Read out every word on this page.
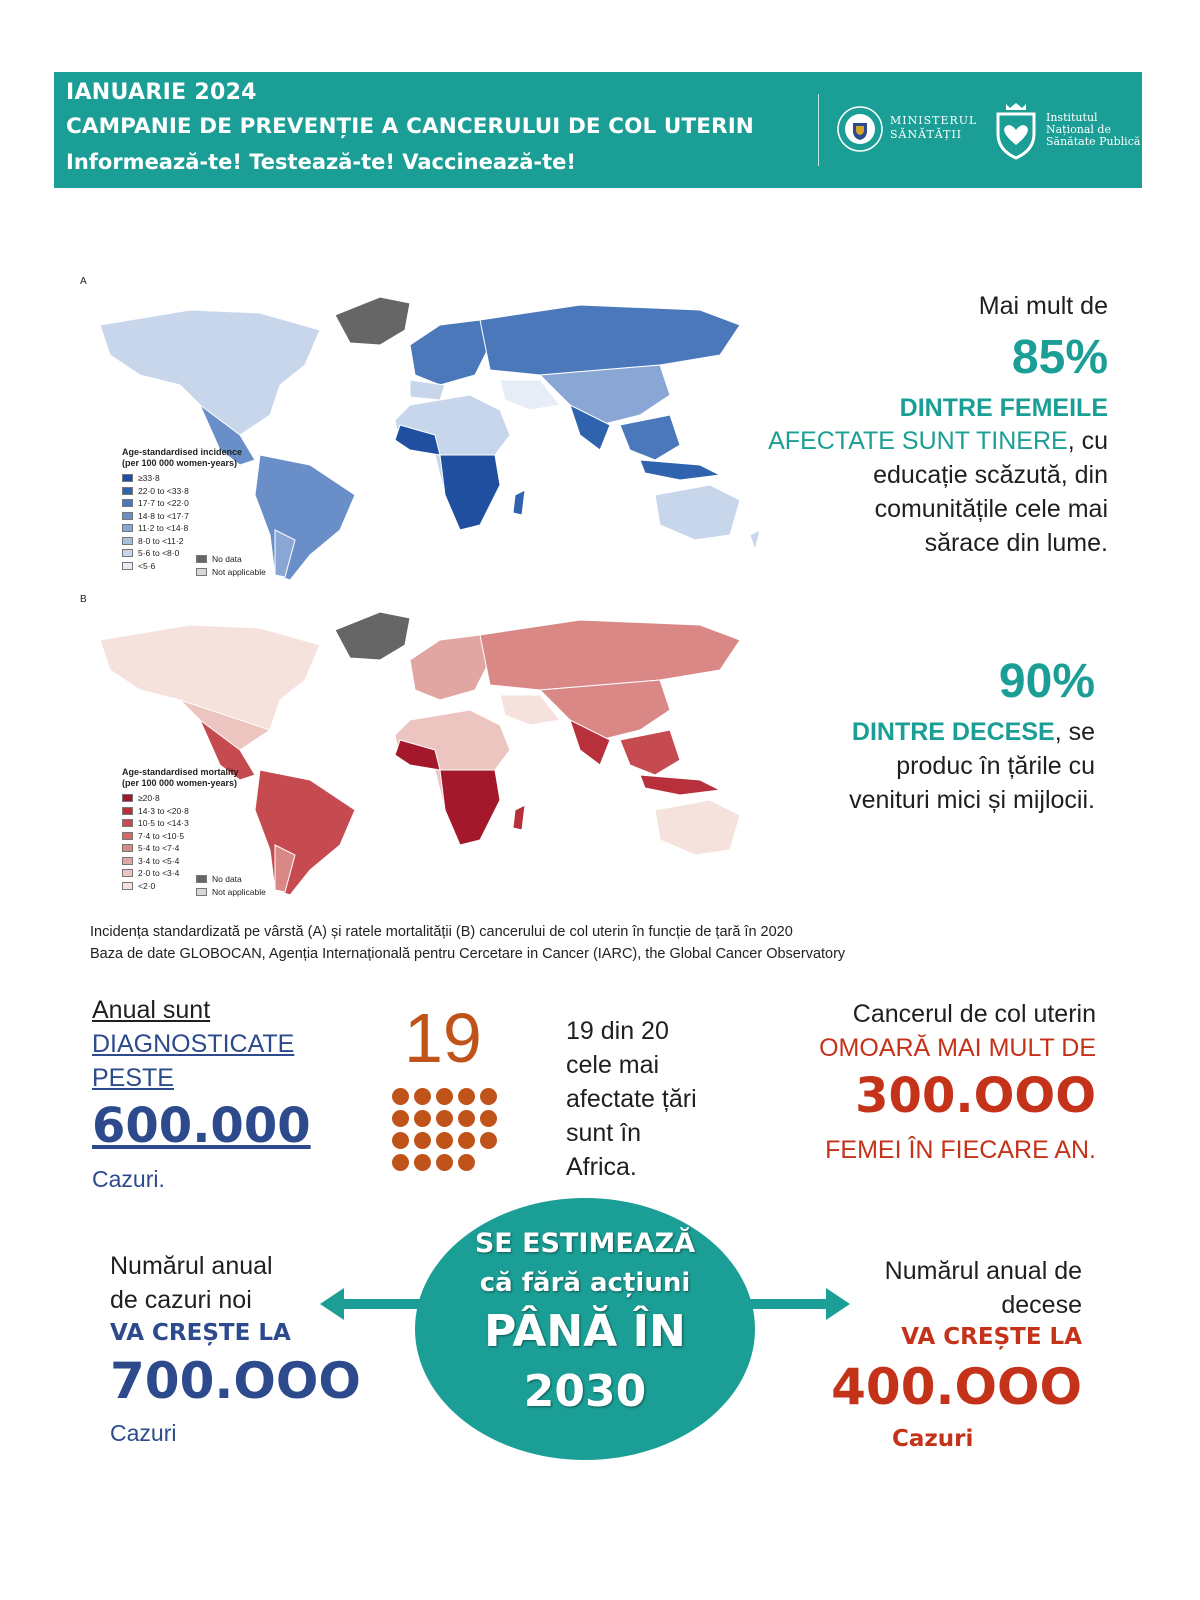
IANUARIE 2024
CAMPANIE DE PREVENȚIE A CANCERULUI DE COL UTERIN
Informează-te! Testează-te! Vaccinează-te!
MINISTERUL
SĂNĂTĂȚII
Institutul
Național de
Sănătate Publică
A
Age-standardised incidence
(per 100 000 women-years)
≥33·8
22·0 to <33·8
17·7 to <22·0
14·8 to <17·7
11·2 to <14·8
8·0 to <11·2
5·6 to <8·0
<5·6
No data
Not applicable
B
Age-standardised mortality
(per 100 000 women-years)
≥20·8
14·3 to <20·8
10·5 to <14·3
7·4 to <10·5
5·4 to <7·4
3·4 to <5·4
2·0 to <3·4
<2·0
No data
Not applicable
Mai mult de
85%
DINTRE FEMEILE
AFECTATE SUNT TINERE, cu
educație scăzută, din
comunitățile cele mai
sărace din lume.
90%
DINTRE DECESE, se
produc în țările cu
venituri mici și mijlocii.
Incidența standardizată pe vârstă (A) și ratele mortalității (B) cancerului de col uterin în funcție de țară în 2020
Baza de date GLOBOCAN, Agenția Internațională pentru Cercetare in Cancer (IARC), the Global Cancer Observatory
Anual sunt
DIAGNOSTICATE
PESTE
600.000
Cazuri.
19	19 din 20
cele mai
afectate țări
sunt în
Africa.
Cancerul de col uterin
OMOARĂ MAI MULT DE
300.OOO
FEMEI ÎN FIECARE AN.
SE ESTIMEAZĂ
că fără acțiuni
PÂNĂ ÎN
2030
Numărul anual
de cazuri noi
VA CREȘTE LA
700.OOO
Cazuri
Numărul anual de
decese
VA CREȘTE LA
400.OOO
Cazuri
